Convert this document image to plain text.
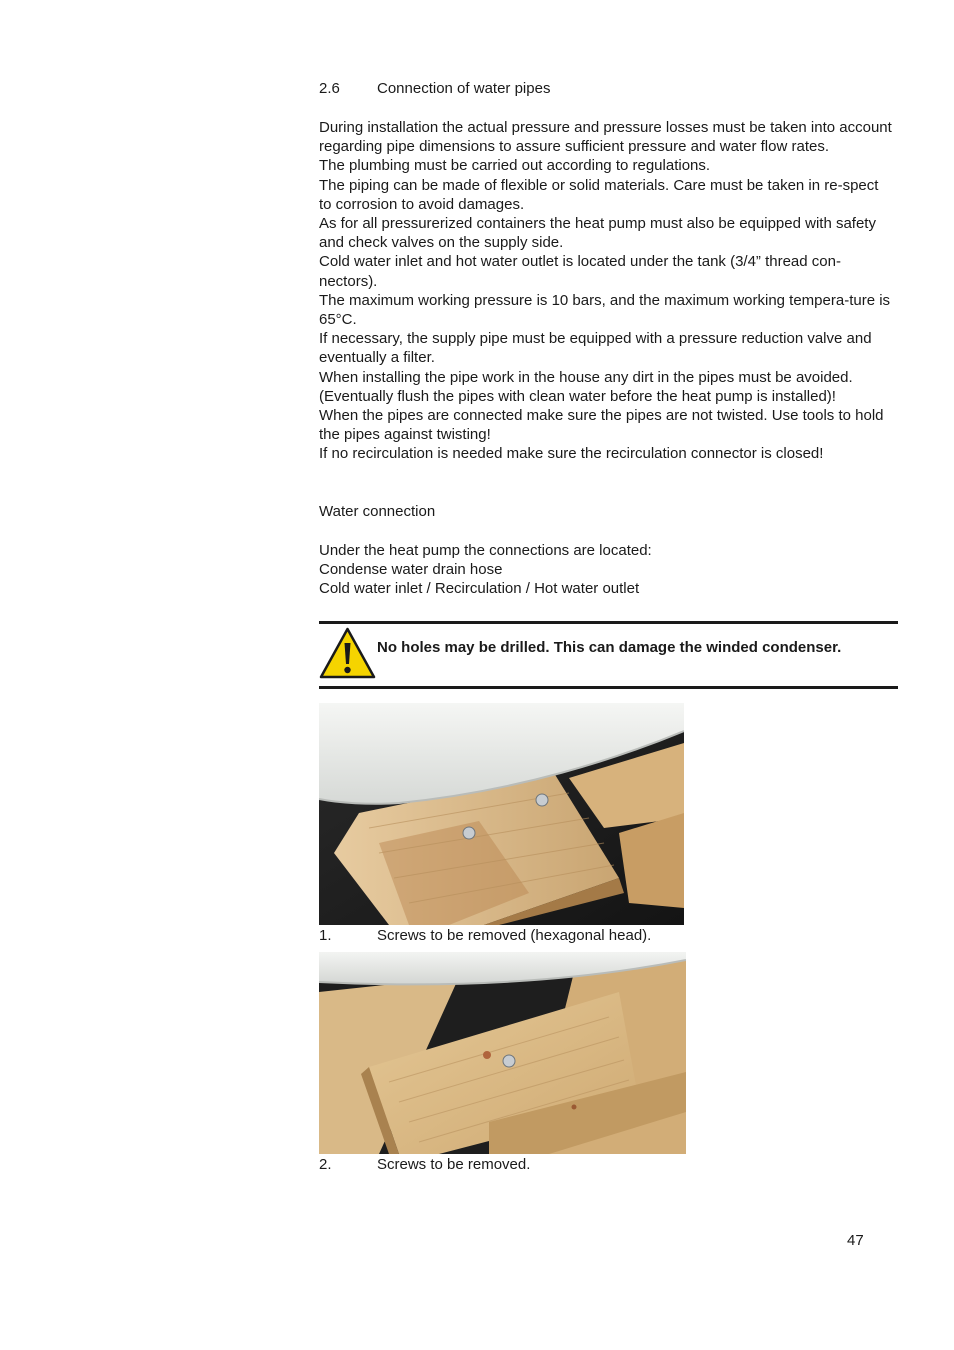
2.6 Connection of water pipes

During installation the actual pressure and pressure losses must be taken into account regarding pipe dimensions to assure sufficient pressure and water flow rates.

The plumbing must be carried out according to regulations.

The piping can be made of flexible or solid materials. Care must be taken in re-spect to corrosion to avoid damages.

As for all pressurerized containers the heat pump must also be equipped with safety and check valves on the supply side.

Cold water inlet and hot water outlet is located under the tank (3/4” thread con-nectors).

The maximum working pressure is 10 bars, and the maximum working tempera-ture is 65°C.

If necessary, the supply pipe must be equipped with a pressure reduction valve and eventually a filter.

When installing the pipe work in the house any dirt in the pipes must be avoided. (Eventually flush the pipes with clean water before the heat pump is installed)!

When the pipes are connected make sure the pipes are not twisted. Use tools to hold the pipes against twisting!

If no recirculation is needed make sure the recirculation connector is closed!

Water connection
Under the heat pump the connections are located:
Condense water drain hose
Cold water inlet / Recirculation / Hot water outlet
No holes may be drilled. This can damage the winded condenser.
1.	Screws to be removed (hexagonal head).
2.	Screws to be removed.
47
